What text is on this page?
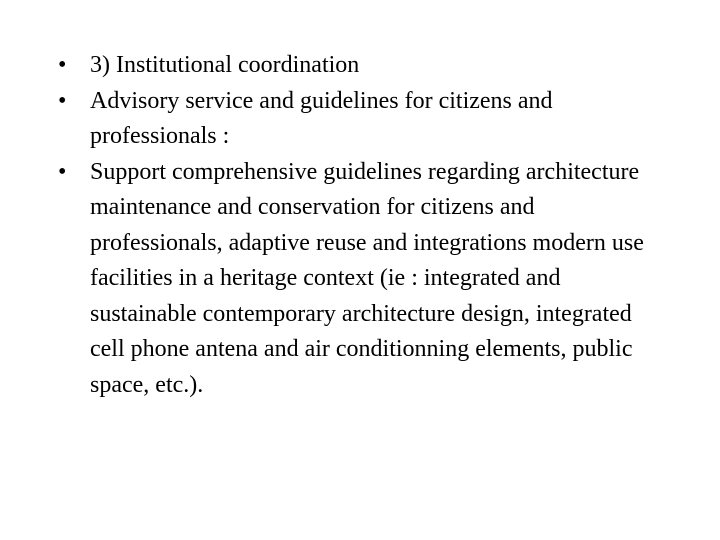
• 3) Institutional coordination
• Advisory service and guidelines for citizens and professionals :
• Support comprehensive guidelines regarding architecture maintenance and conservation for citizens and professionals, adaptive reuse and integrations modern use facilities in a heritage context (ie : integrated and sustainable contemporary architecture design, integrated cell phone antena and air conditionning elements, public space, etc.).
